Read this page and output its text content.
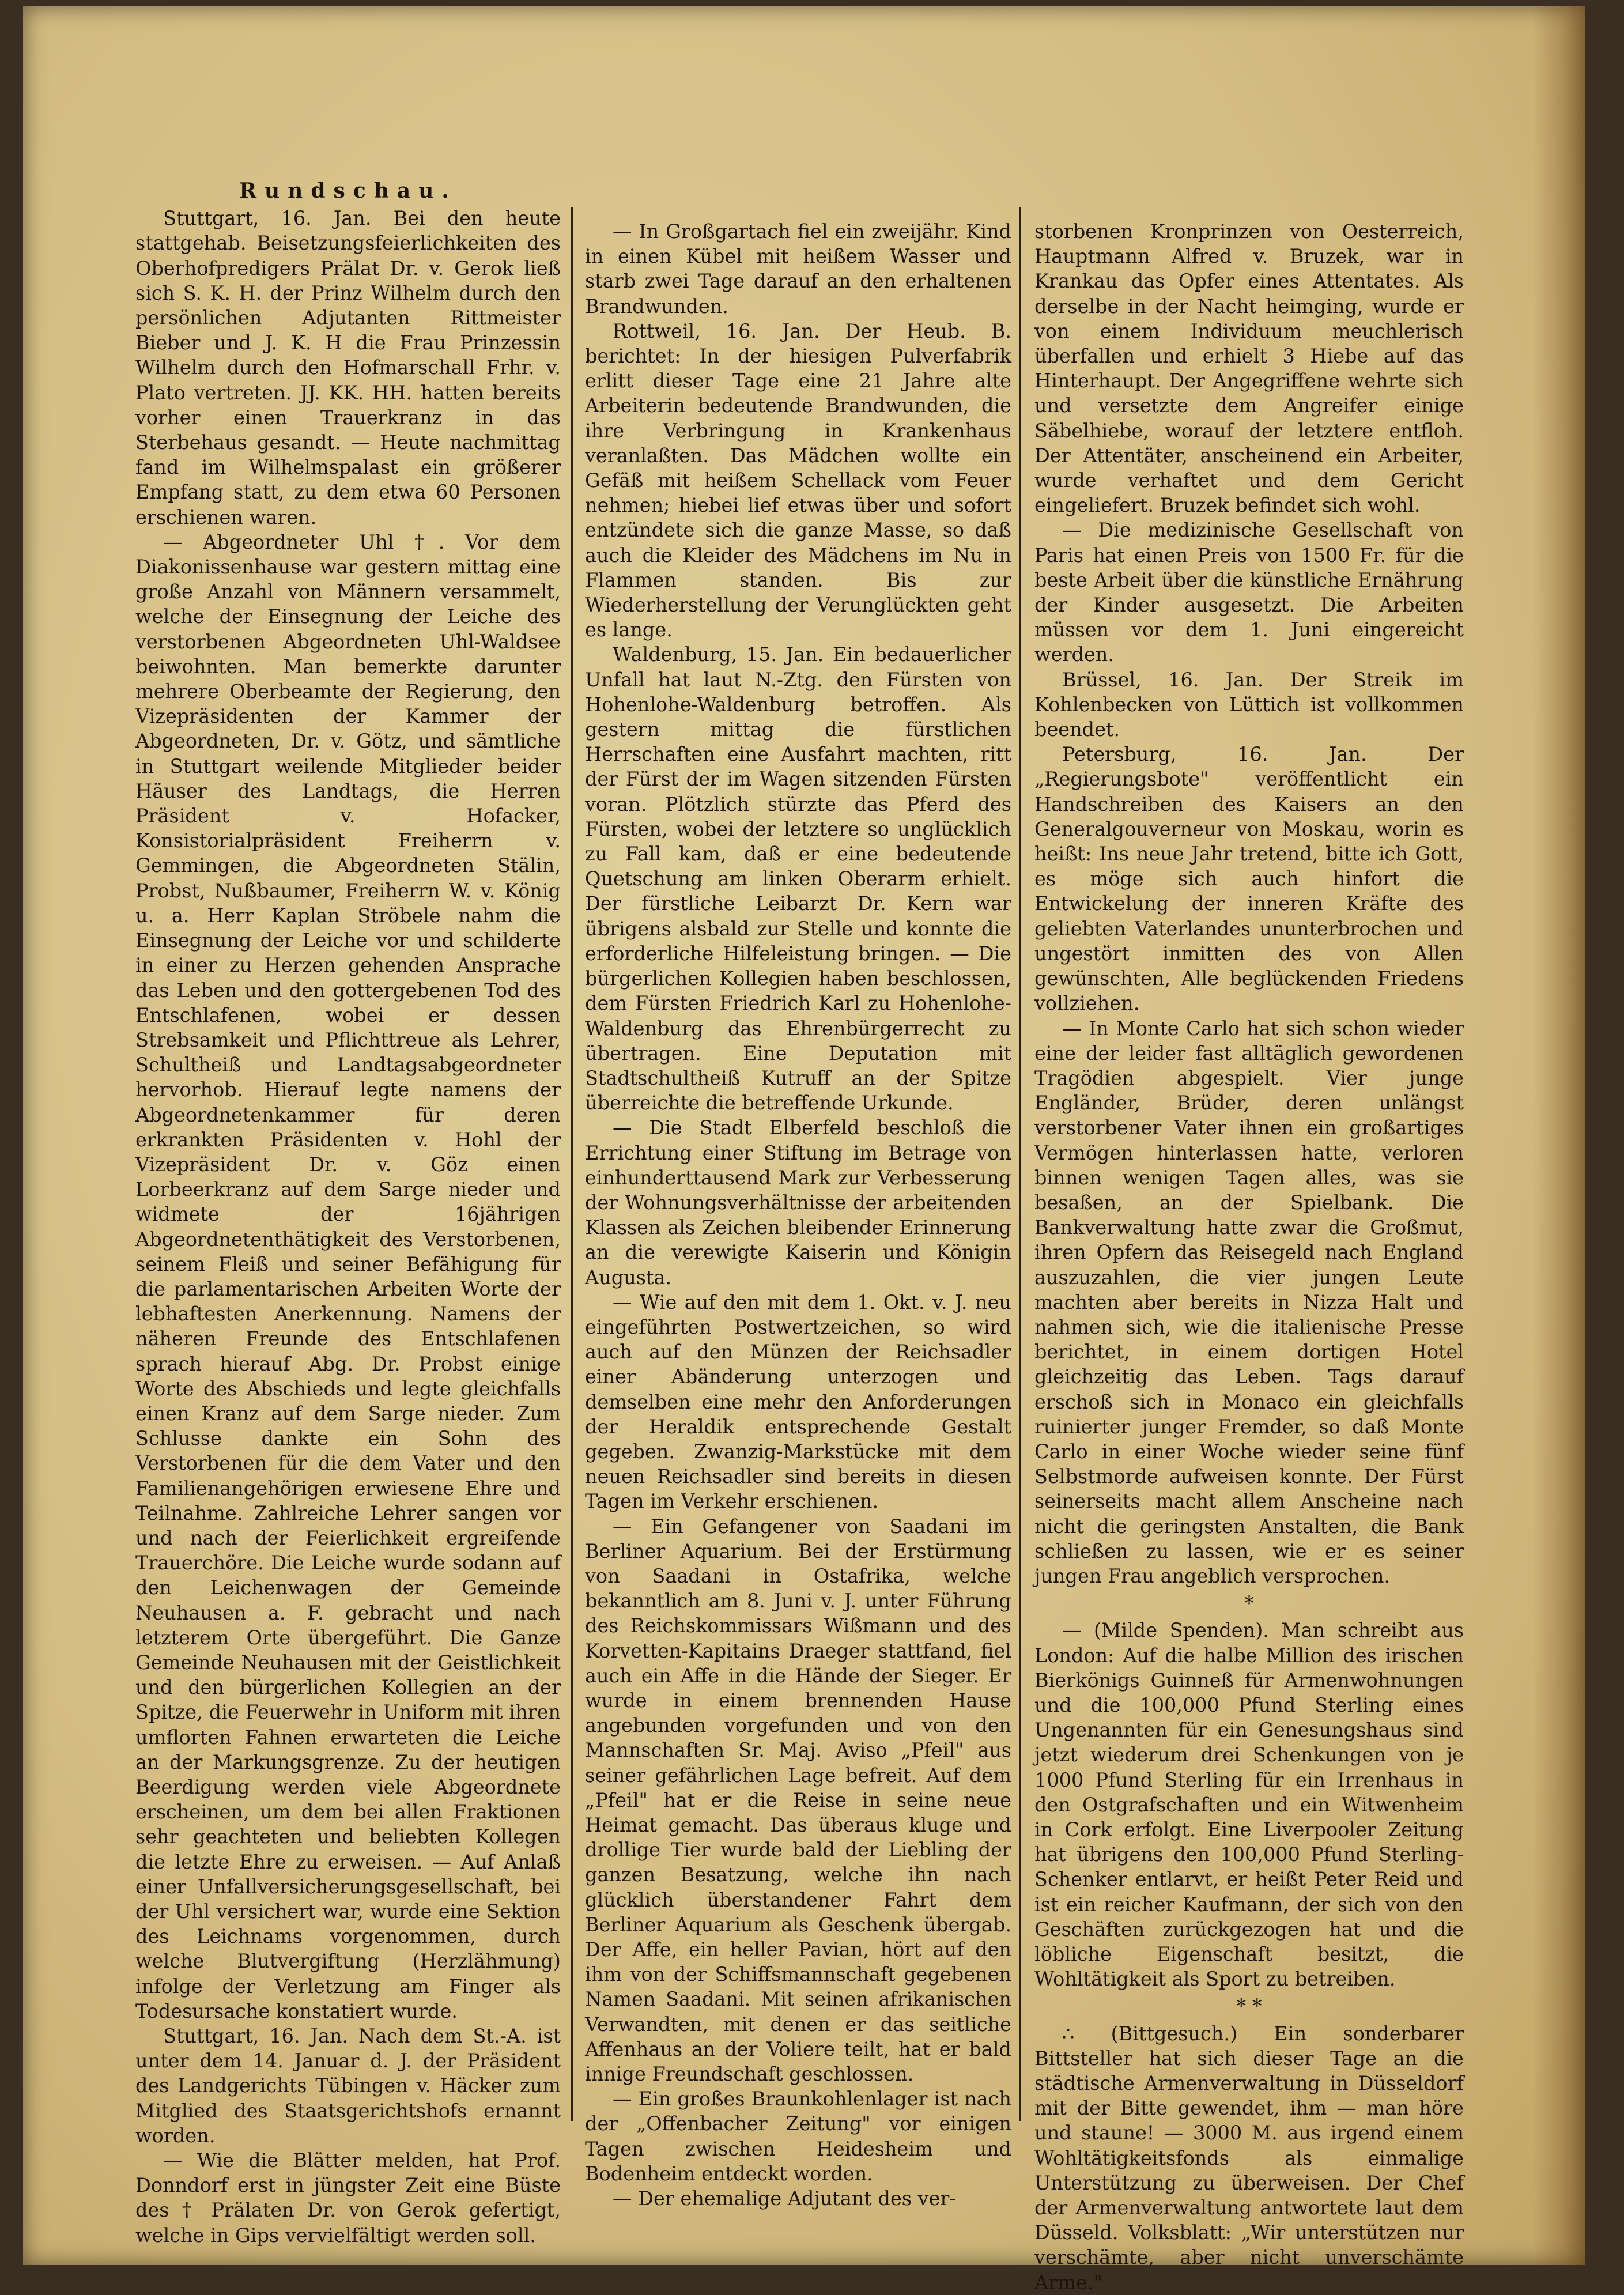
Rundschau.

Stuttgart, 16. Jan. Bei den heute stattgehab. Beisetzungsfeierlichkeiten des Oberhofpredigers Prälat Dr. v. Gerok ließ sich S. K. H. der Prinz Wilhelm durch den persönlichen Adjutanten Rittmeister Bieber und J. K. H die Frau Prinzessin Wilhelm durch den Hofmarschall Frhr. v. Plato vertreten. JJ. KK. HH. hatten bereits vorher einen Trauerkranz in das Sterbehaus gesandt. — Heute nachmittag fand im Wilhelmspalast ein größerer Empfang statt, zu dem etwa 60 Personen erschienen waren.

— Abgeordneter Uhl †. Vor dem Diakonissenhause war gestern mittag eine große Anzahl von Männern versammelt, welche der Einsegnung der Leiche des verstorbenen Abgeordneten Uhl-Waldsee beiwohnten. Man bemerkte darunter mehrere Oberbeamte der Regierung, den Vizepräsidenten der Kammer der Abgeordneten, Dr. v. Götz, und sämtliche in Stuttgart weilende Mitglieder beider Häuser des Landtags, die Herren Präsident v. Hofacker, Konsistorialpräsident Freiherrn v. Gemmingen, die Abgeordneten Stälin, Probst, Nußbaumer, Freiherrn W. v. König u. a. Herr Kaplan Ströbele nahm die Einsegnung der Leiche vor und schilderte in einer zu Herzen gehenden Ansprache das Leben und den gottergebenen Tod des Entschlafenen, wobei er dessen Strebsamkeit und Pflichttreue als Lehrer, Schultheiß und Landtagsabgeordneter hervorhob. Hierauf legte namens der Abgeordnetenkammer für deren erkrankten Präsidenten v. Hohl der Vizepräsident Dr. v. Göz einen Lorbeerkranz auf dem Sarge nieder und widmete der 16jährigen Abgeordnetenthätigkeit des Verstorbenen, seinem Fleiß und seiner Befähigung für die parlamentarischen Arbeiten Worte der lebhaftesten Anerkennung. Namens der näheren Freunde des Entschlafenen sprach hierauf Abg. Dr. Probst einige Worte des Abschieds und legte gleichfalls einen Kranz auf dem Sarge nieder. Zum Schlusse dankte ein Sohn des Verstorbenen für die dem Vater und den Familienangehörigen erwiesene Ehre und Teilnahme. Zahlreiche Lehrer sangen vor und nach der Feierlichkeit ergreifende Trauerchöre. Die Leiche wurde sodann auf den Leichenwagen der Gemeinde Neuhausen a. F. gebracht und nach letzterem Orte übergeführt. Die Ganze Gemeinde Neuhausen mit der Geistlichkeit und den bürgerlichen Kollegien an der Spitze, die Feuerwehr in Uniform mit ihren umflorten Fahnen erwarteten die Leiche an der Markungsgrenze. Zu der heutigen Beerdigung werden viele Abgeordnete erscheinen, um dem bei allen Fraktionen sehr geachteten und beliebten Kollegen die letzte Ehre zu erweisen. — Auf Anlaß einer Unfallversicherungsgesellschaft, bei der Uhl versichert war, wurde eine Sektion des Leichnams vorgenommen, durch welche Blutvergiftung (Herzlähmung) infolge der Verletzung am Finger als Todesursache konstatiert wurde.

Stuttgart, 16. Jan. Nach dem St.-A. ist unter dem 14. Januar d. J. der Präsident des Landgerichts Tübingen v. Häcker zum Mitglied des Staatsgerichtshofs ernannt worden.

— Wie die Blätter melden, hat Prof. Donndorf erst in jüngster Zeit eine Büste des † Prälaten Dr. von Gerok gefertigt, welche in Gips vervielfältigt werden soll.

— In Großgartach fiel ein zweijähr. Kind in einen Kübel mit heißem Wasser und starb zwei Tage darauf an den erhaltenen Brandwunden.

Rottweil, 16. Jan. Der Heub. B. berichtet: In der hiesigen Pulverfabrik erlitt dieser Tage eine 21 Jahre alte Arbeiterin bedeutende Brandwunden, die ihre Verbringung in Krankenhaus veranlaßten. Das Mädchen wollte ein Gefäß mit heißem Schellack vom Feuer nehmen; hiebei lief etwas über und sofort entzündete sich die ganze Masse, so daß auch die Kleider des Mädchens im Nu in Flammen standen. Bis zur Wiederherstellung der Verunglückten geht es lange.

Waldenburg, 15. Jan. Ein bedauerlicher Unfall hat laut N.-Ztg. den Fürsten von Hohenlohe-Waldenburg betroffen. Als gestern mittag die fürstlichen Herrschaften eine Ausfahrt machten, ritt der Fürst der im Wagen sitzenden Fürsten voran. Plötzlich stürzte das Pferd des Fürsten, wobei der letztere so unglücklich zu Fall kam, daß er eine bedeutende Quetschung am linken Oberarm erhielt. Der fürstliche Leibarzt Dr. Kern war übrigens alsbald zur Stelle und konnte die erforderliche Hilfeleistung bringen. — Die bürgerlichen Kollegien haben beschlossen, dem Fürsten Friedrich Karl zu Hohenlohe-Waldenburg das Ehrenbürgerrecht zu übertragen. Eine Deputation mit Stadtschultheiß Kutruff an der Spitze überreichte die betreffende Urkunde.

— Die Stadt Elberfeld beschloß die Errichtung einer Stiftung im Betrage von einhunderttausend Mark zur Verbesserung der Wohnungsverhältnisse der arbeitenden Klassen als Zeichen bleibender Erinnerung an die verewigte Kaiserin und Königin Augusta.

— Wie auf den mit dem 1. Okt. v. J. neu eingeführten Postwertzeichen, so wird auch auf den Münzen der Reichsadler einer Abänderung unterzogen und demselben eine mehr den Anforderungen der Heraldik entsprechende Gestalt gegeben. Zwanzig-Markstücke mit dem neuen Reichsadler sind bereits in diesen Tagen im Verkehr erschienen.

— Ein Gefangener von Saadani im Berliner Aquarium. Bei der Erstürmung von Saadani in Ostafrika, welche bekanntlich am 8. Juni v. J. unter Führung des Reichskommissars Wißmann und des Korvetten-Kapitains Draeger stattfand, fiel auch ein Affe in die Hände der Sieger. Er wurde in einem brennenden Hause angebunden vorgefunden und von den Mannschaften Sr. Maj. Aviso „Pfeil" aus seiner gefährlichen Lage befreit. Auf dem „Pfeil" hat er die Reise in seine neue Heimat gemacht. Das überaus kluge und drollige Tier wurde bald der Liebling der ganzen Besatzung, welche ihn nach glücklich überstandener Fahrt dem Berliner Aquarium als Geschenk übergab. Der Affe, ein heller Pavian, hört auf den ihm von der Schiffsmannschaft gegebenen Namen Saadani. Mit seinen afrikanischen Verwandten, mit denen er das seitliche Affenhaus an der Voliere teilt, hat er bald innige Freundschaft geschlossen.

— Ein großes Braunkohlenlager ist nach der „Offenbacher Zeitung" vor einigen Tagen zwischen Heidesheim und Bodenheim entdeckt worden.

— Der ehemalige Adjutant des ver-

storbenen Kronprinzen von Oesterreich, Hauptmann Alfred v. Bruzek, war in Krankau das Opfer eines Attentates. Als derselbe in der Nacht heimging, wurde er von einem Individuum meuchlerisch überfallen und erhielt 3 Hiebe auf das Hinterhaupt. Der Angegriffene wehrte sich und versetzte dem Angreifer einige Säbelhiebe, worauf der letztere entfloh. Der Attentäter, anscheinend ein Arbeiter, wurde verhaftet und dem Gericht eingeliefert. Bruzek befindet sich wohl.

— Die medizinische Gesellschaft von Paris hat einen Preis von 1500 Fr. für die beste Arbeit über die künstliche Ernährung der Kinder ausgesetzt. Die Arbeiten müssen vor dem 1. Juni eingereicht werden.

Brüssel, 16. Jan. Der Streik im Kohlenbecken von Lüttich ist vollkommen beendet.

Petersburg, 16. Jan. Der „Regierungsbote" veröffentlicht ein Handschreiben des Kaisers an den Generalgouverneur von Moskau, worin es heißt: Ins neue Jahr tretend, bitte ich Gott, es möge sich auch hinfort die Entwickelung der inneren Kräfte des geliebten Vaterlandes ununterbrochen und ungestört inmitten des von Allen gewünschten, Alle beglückenden Friedens vollziehen.

— In Monte Carlo hat sich schon wieder eine der leider fast alltäglich gewordenen Tragödien abgespielt. Vier junge Engländer, Brüder, deren unlängst verstorbener Vater ihnen ein großartiges Vermögen hinterlassen hatte, verloren binnen wenigen Tagen alles, was sie besaßen, an der Spielbank. Die Bankverwaltung hatte zwar die Großmut, ihren Opfern das Reisegeld nach England auszuzahlen, die vier jungen Leute machten aber bereits in Nizza Halt und nahmen sich, wie die italienische Presse berichtet, in einem dortigen Hotel gleichzeitig das Leben. Tags darauf erschoß sich in Monaco ein gleichfalls ruinierter junger Fremder, so daß Monte Carlo in einer Woche wieder seine fünf Selbstmorde aufweisen konnte. Der Fürst seinerseits macht allem Anscheine nach nicht die geringsten Anstalten, die Bank schließen zu lassen, wie er es seiner jungen Frau angeblich versprochen.

*

— (Milde Spenden). Man schreibt aus London: Auf die halbe Million des irischen Bierkönigs Guinneß für Armenwohnungen und die 100,000 Pfund Sterling eines Ungenannten für ein Genesungshaus sind jetzt wiederum drei Schenkungen von je 1000 Pfund Sterling für ein Irrenhaus in den Ostgrafschaften und ein Witwenheim in Cork erfolgt. Eine Liverpooler Zeitung hat übrigens den 100,000 Pfund Sterling-Schenker entlarvt, er heißt Peter Reid und ist ein reicher Kaufmann, der sich von den Geschäften zurückgezogen hat und die löbliche Eigenschaft besitzt, die Wohltätigkeit als Sport zu betreiben.

* *

∴ (Bittgesuch.) Ein sonderbarer Bittsteller hat sich dieser Tage an die städtische Armenverwaltung in Düsseldorf mit der Bitte gewendet, ihm — man höre und staune! — 3000 M. aus irgend einem Wohltätigkeitsfonds als einmalige Unterstützung zu überweisen. Der Chef der Armenverwaltung antwortete laut dem Düsseld. Volksblatt: „Wir unterstützen nur verschämte, aber nicht unverschämte Arme."
